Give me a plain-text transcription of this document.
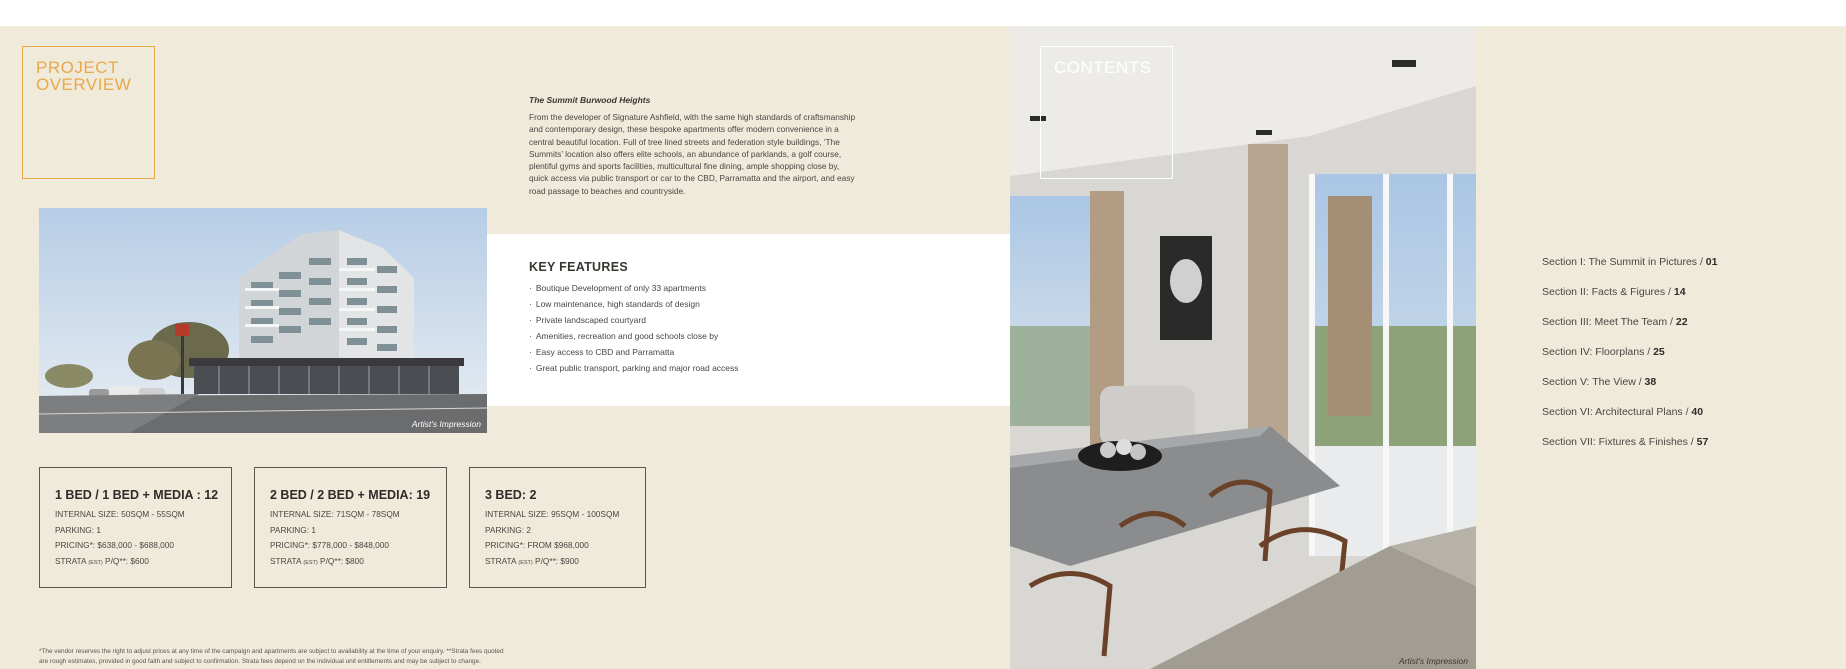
PROJECT OVERVIEW
The Summit Burwood Heights
From the developer of Signature Ashfield, with the same high standards of craftsmanship and contemporary design, these bespoke apartments offer modern convenience in a central beautiful location. Full of tree lined streets and federation style buildings, ‘The Summits’ location also offers elite schools, an abundance of parklands, a golf course, plentiful gyms and sports facilities, multicultural fine dining, ample shopping close by, quick access via public transport or car to the CBD, Parramatta and the airport, and easy road passage to beaches and countryside.
KEY FEATURES
· Boutique Development of only 33 apartments
· Low maintenance, high standards of design
· Private landscaped courtyard
· Amenities, recreation and good schools close by
· Easy access to CBD and Parramatta
· Great public transport, parking and major road access
Artist's Impression
1 BED / 1 BED + MEDIA : 12
INTERNAL SIZE: 50SQM - 55SQM
PARKING: 1
PRICING*: $638,000 - $688,000
STRATA (EST) P/Q**: $600
2 BED / 2 BED + MEDIA: 19
INTERNAL SIZE: 71SQM - 78SQM
PARKING: 1
PRICING*: $778,000 - $848,000
STRATA (EST) P/Q**: $800
3 BED: 2
INTERNAL SIZE: 95SQM - 100SQM
PARKING: 2
PRICING*: FROM $968,000
STRATA (EST) P/Q**: $900
*The vendor reserves the right to adjust prices at any time of the campaign and apartments are subject to availability at the time of your enquiry. **Strata fees quoted
are rough estimates, provided in good faith and subject to confirmation. Strata fees depend on the individual unit entitlements and may be subject to change.
CONTENTS
Artist's Impression
Section I: The Summit in Pictures / 01
Section II: Facts & Figures / 14
Section III: Meet The Team / 22
Section IV: Floorplans / 25
Section V: The View / 38
Section VI: Architectural Plans / 40
Section VII: Fixtures & Finishes / 57
